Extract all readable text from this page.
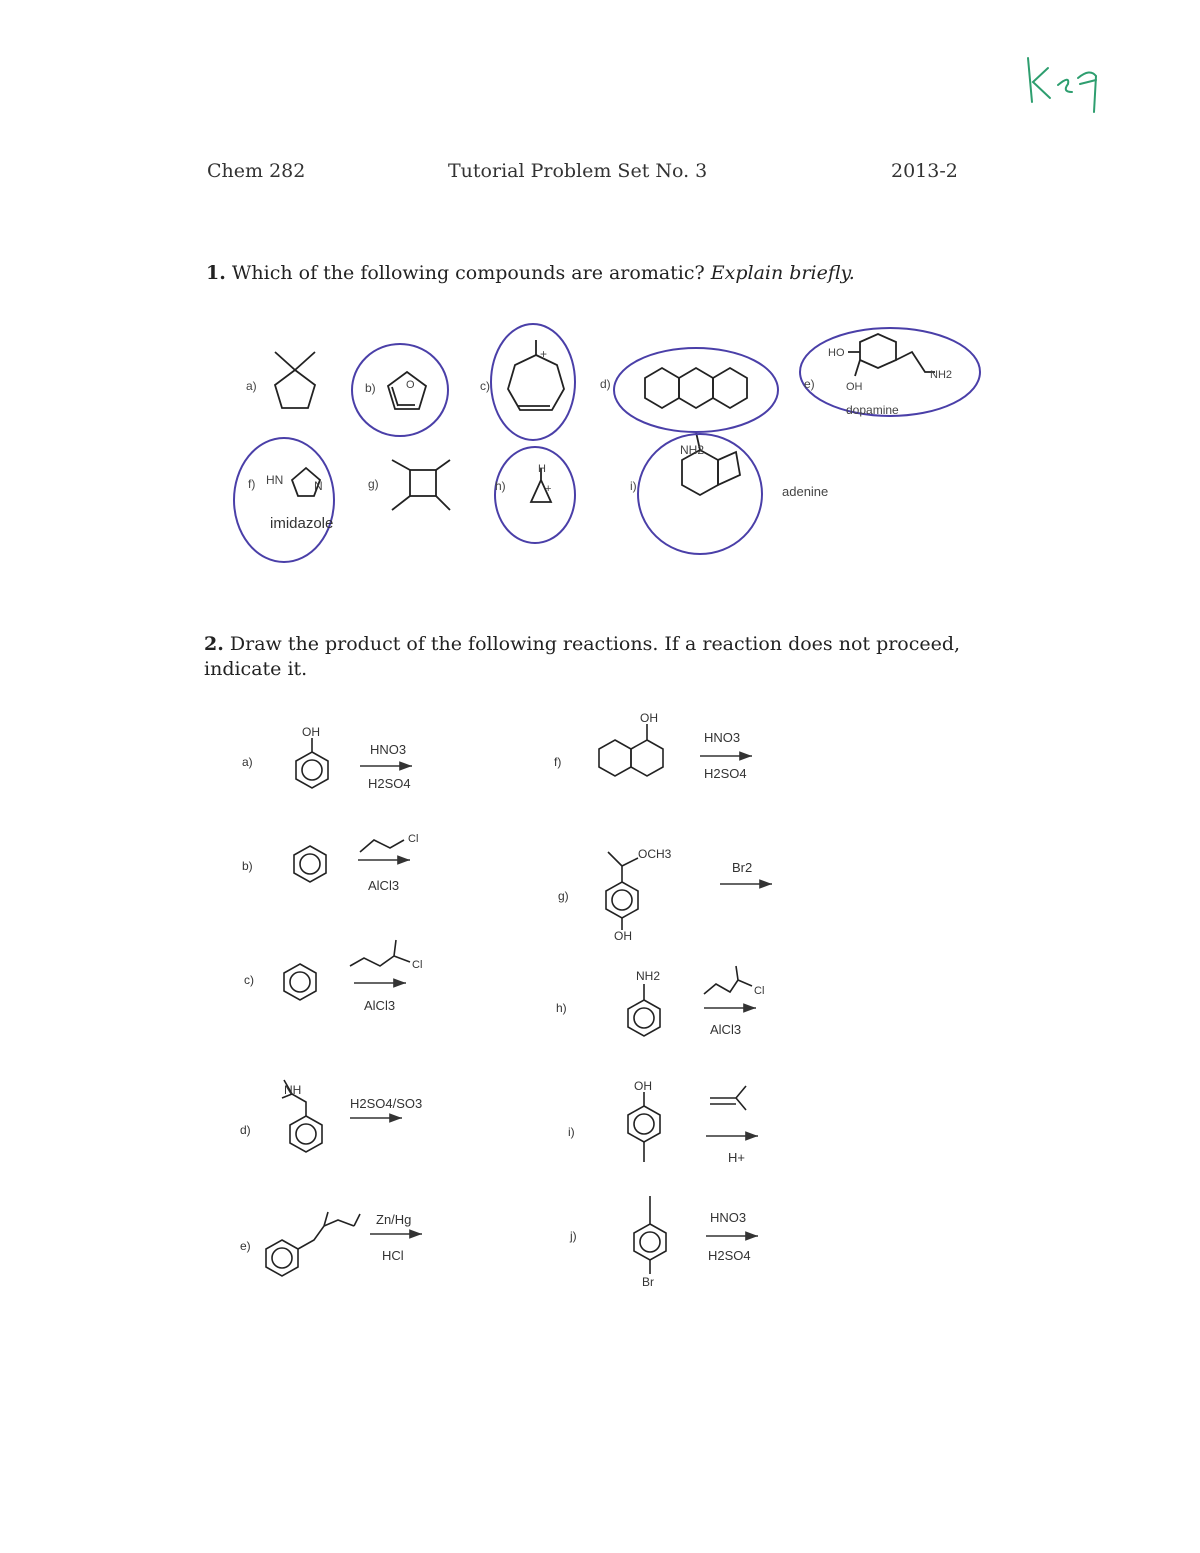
Chem 282	Tutorial Problem Set No. 3	2013-2
1. Which of the following compounds are aromatic? Explain briefly.
a)	b)	c)	d)	e)
f)	g)	h)	i)
O
+	HO
OH
NH2
dopamine
HN	N
H
+
NH2
adenine
imidazole
2. Draw the product of the following reactions. If a reaction does not proceed, indicate it.
a)
b)
c)
d)
e)
f)
g)
h)
i)
j)
OH
NH
OH
OCH3
OH
NH2
OH
Br
HNO3
H2SO4
Cl
AlCl3
Cl
AlCl3
H2SO4/SO3
Zn/Hg
HCl
HNO3
H2SO4
Br2
Cl
AlCl3
H+
HNO3
H2SO4
